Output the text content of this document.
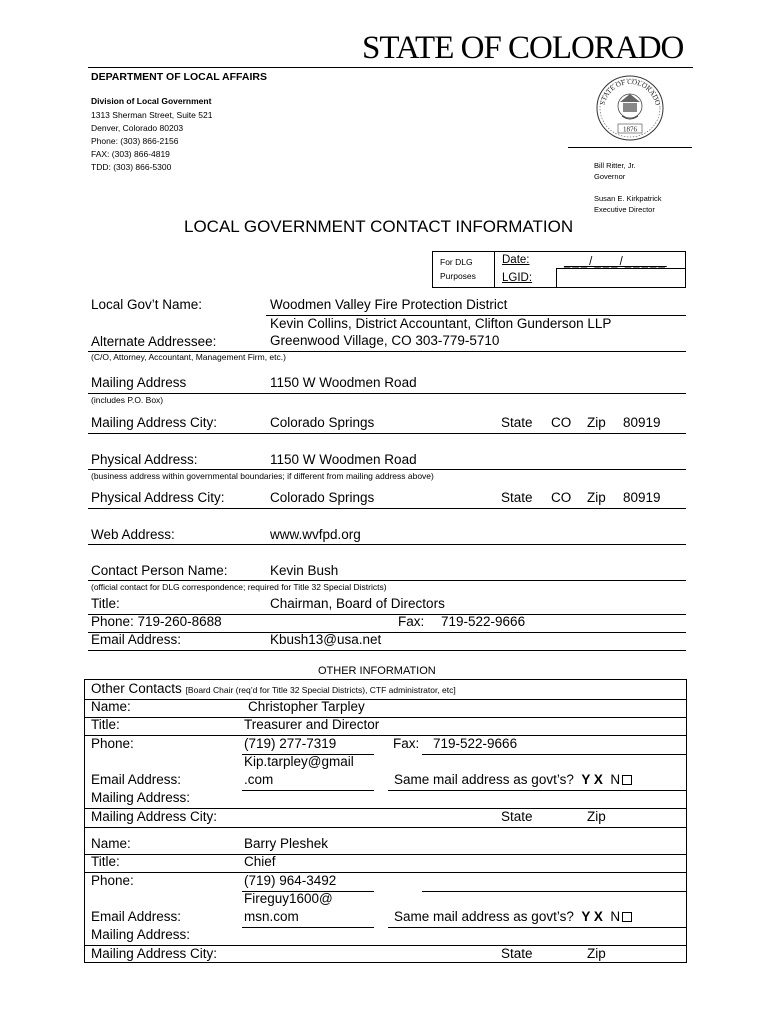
STATE OF COLORADO
DEPARTMENT OF LOCAL AFFAIRS
Division of Local Government
1313 Sherman Street, Suite 521
Denver, Colorado 80203
Phone: (303) 866-2156
FAX: (303) 866-4819
TDD: (303) 866-5300
STATE OF COLORADO
1876
Bill Ritter, Jr.
Governor
Susan E. Kirkpatrick
Executive Director
LOCAL GOVERNMENT CONTACT INFORMATION
For DLG
Purposes
Date:	___/___/_____
LGID:
Local Gov’t Name:	Woodmen Valley Fire Protection District
Kevin Collins, District Accountant, Clifton Gunderson LLP
Alternate Addressee:	Greenwood Village, CO 303-779-5710
(C/O, Attorney, Accountant, Management Firm, etc.)
Mailing Address	1150 W Woodmen Road
(includes P.O. Box)
Mailing Address City:	Colorado Springs	State CO Zip 80919
Physical Address:	1150 W Woodmen Road
(business address within governmental boundaries; if different from mailing address above)
Physical Address City:	Colorado Springs	State CO Zip 80919
Web Address:	www.wvfpd.org
Contact Person Name:	Kevin Bush
(official contact for DLG correspondence; required for Title 32 Special Districts)
Title:	Chairman, Board of Directors
Phone: 719-260-8688	Fax: 719-522-9666
Email Address:	Kbush13@usa.net
OTHER INFORMATION
Other Contacts [Board Chair (req’d for Title 32 Special Districts), CTF administrator, etc]
Name:	Christopher Tarpley
Title:	Treasurer and Director
Phone:	(719) 277-7319	Fax: 719-522-9666
Kip.tarpley@gmail
Email Address:	.com	Same mail address as govt’s? Y X N
Mailing Address:
Mailing Address City:	State	Zip
Name:	Barry Pleshek
Title:	Chief
Phone:	(719) 964-3492
Fireguy1600@
Email Address:	msn.com	Same mail address as govt’s? Y X N
Mailing Address:
Mailing Address City:	State	Zip
